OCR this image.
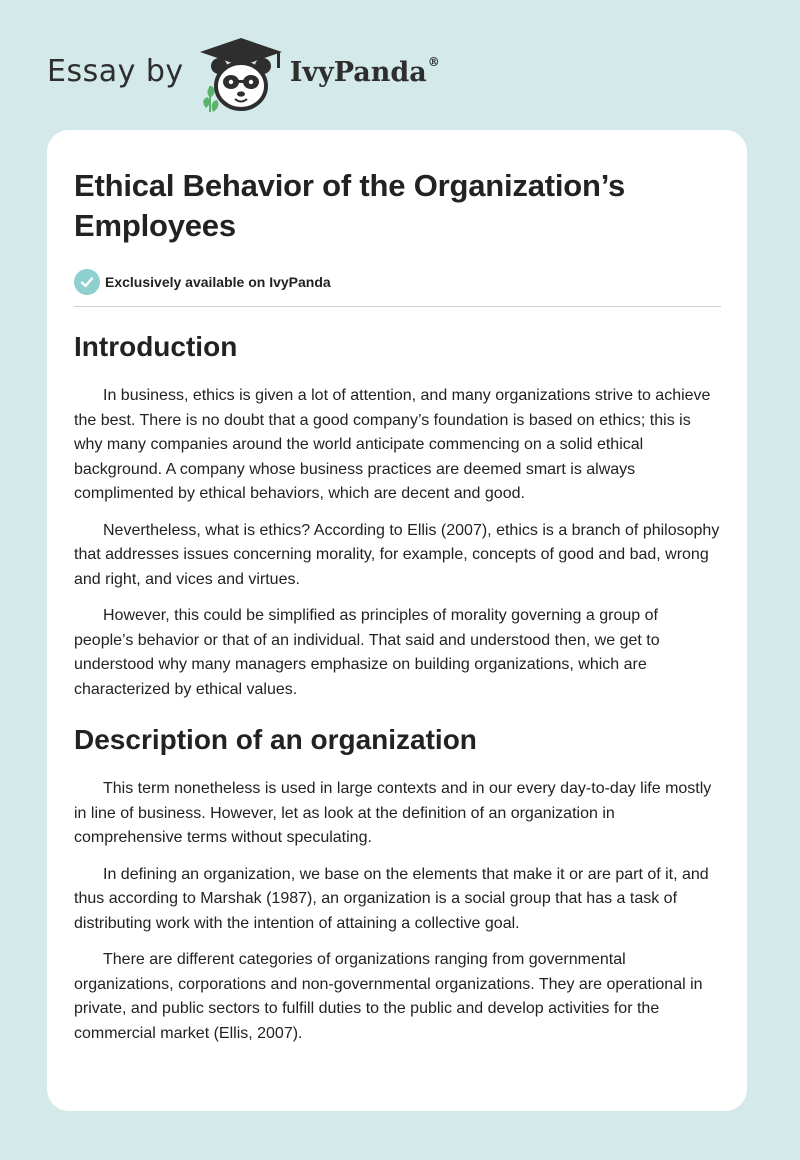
Essay by	IvyPanda®
Ethical Behavior of the Organization’s Employees
Exclusively available on IvyPanda
Introduction

In business, ethics is given a lot of attention, and many organizations strive to achieve the best. There is no doubt that a good company’s foundation is based on ethics; this is why many companies around the world anticipate commencing on a solid ethical background. A company whose business practices are deemed smart is always complimented by ethical behaviors, which are decent and good.

Nevertheless, what is ethics? According to Ellis (2007), ethics is a branch of philosophy that addresses issues concerning morality, for example, concepts of good and bad, wrong and right, and vices and virtues.

However, this could be simplified as principles of morality governing a group of people’s behavior or that of an individual. That said and understood then, we get to understood why many managers emphasize on building organizations, which are characterized by ethical values.

Description of an organization

This term nonetheless is used in large contexts and in our every day-to-day life mostly in line of business. However, let as look at the definition of an organization in comprehensive terms without speculating.

In defining an organization, we base on the elements that make it or are part of it, and thus according to Marshak (1987), an organization is a social group that has a task of distributing work with the intention of attaining a collective goal.

There are different categories of organizations ranging from governmental organizations, corporations and non-governmental organizations. They are operational in private, and public sectors to fulfill duties to the public and develop activities for the commercial market (Ellis, 2007).
